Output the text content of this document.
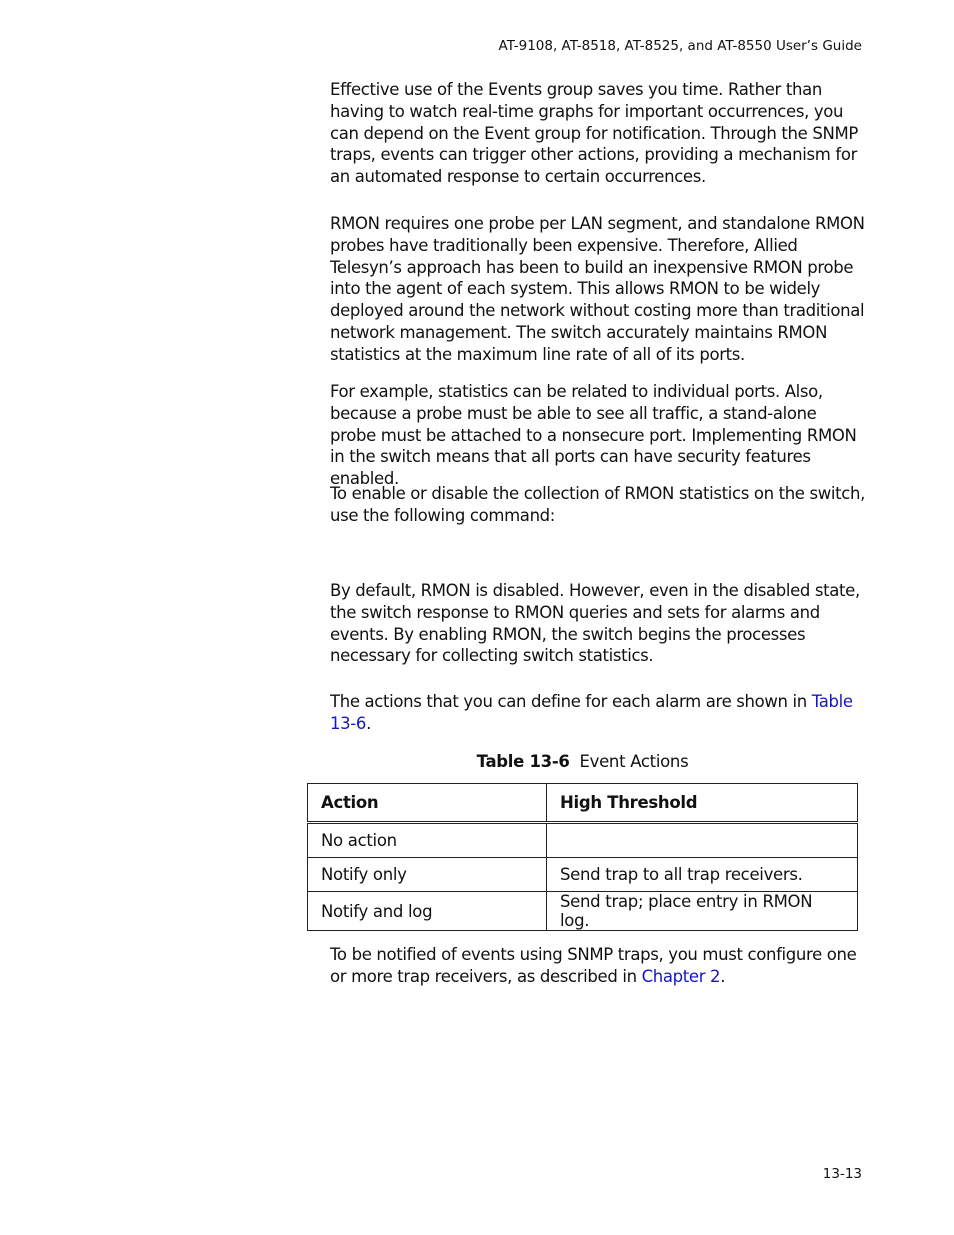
AT-9108, AT-8518, AT-8525, and AT-8550 User’s Guide

Effective use of the Events group saves you time. Rather than having to watch real-time graphs for important occurrences, you can depend on the Event group for notification. Through the SNMP traps, events can trigger other actions, providing a mechanism for an automated response to certain occurrences.

RMON requires one probe per LAN segment, and standalone RMON probes have traditionally been expensive. Therefore, Allied Telesyn’s approach has been to build an inexpensive RMON probe into the agent of each system. This allows RMON to be widely deployed around the network without costing more than traditional network management. The switch accurately maintains RMON statistics at the maximum line rate of all of its ports.

For example, statistics can be related to individual ports. Also, because a probe must be able to see all traffic, a stand-alone probe must be attached to a nonsecure port. Implementing RMON in the switch means that all ports can have security features enabled.

To enable or disable the collection of RMON statistics on the switch, use the following command:

By default, RMON is disabled. However, even in the disabled state, the switch response to RMON queries and sets for alarms and events. By enabling RMON, the switch begins the processes necessary for collecting switch statistics.

The actions that you can define for each alarm are shown in Table 13-6.

Table 13-6 Event Actions
Action	High Threshold
No action	
Notify only	Send trap to all trap receivers.
Notify and log	Send trap; place entry in RMON log.

To be notified of events using SNMP traps, you must configure one or more trap receivers, as described in Chapter 2.

13-13
